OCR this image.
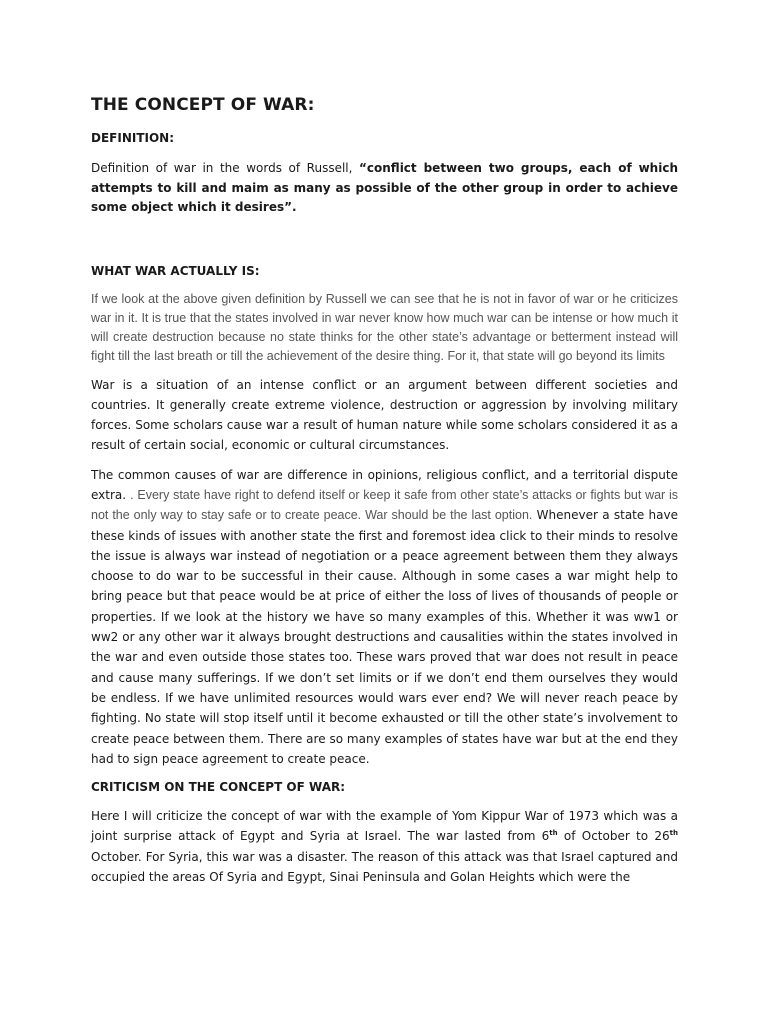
THE CONCEPT OF WAR:
DEFINITION:

Definition of war in the words of Russell, “conflict between two groups, each of which attempts to kill and maim as many as possible of the other group in order to achieve some object which it desires”.

WHAT WAR ACTUALLY IS:

If we look at the above given definition by Russell we can see that he is not in favor of war or he criticizes war in it. It is true that the states involved in war never know how much war can be intense or how much it will create destruction because no state thinks for the other state’s advantage or betterment instead will fight till the last breath or till the achievement of the desire thing. For it, that state will go beyond its limits

War is a situation of an intense conflict or an argument between different societies and countries. It generally create extreme violence, destruction or aggression by involving military forces. Some scholars cause war a result of human nature while some scholars considered it as a result of certain social, economic or cultural circumstances.

The common causes of war are difference in opinions, religious conflict, and a territorial dispute extra. . Every state have right to defend itself or keep it safe from other state’s attacks or fights but war is not the only way to stay safe or to create peace. War should be the last option. Whenever a state have these kinds of issues with another state the first and foremost idea click to their minds to resolve the issue is always war instead of negotiation or a peace agreement between them they always choose to do war to be successful in their cause. Although in some cases a war might help to bring peace but that peace would be at price of either the loss of lives of thousands of people or properties. If we look at the history we have so many examples of this. Whether it was ww1 or ww2 or any other war it always brought destructions and causalities within the states involved in the war and even outside those states too. These wars proved that war does not result in peace and cause many sufferings. If we don’t set limits or if we don’t end them ourselves they would be endless. If we have unlimited resources would wars ever end? We will never reach peace by fighting. No state will stop itself until it become exhausted or till the other state’s involvement to create peace between them. There are so many examples of states have war but at the end they had to sign peace agreement to create peace.

CRITICISM ON THE CONCEPT OF WAR:

Here I will criticize the concept of war with the example of Yom Kippur War of 1973 which was a joint surprise attack of Egypt and Syria at Israel. The war lasted from 6th of October to 26th October. For Syria, this war was a disaster. The reason of this attack was that Israel captured and occupied the areas Of Syria and Egypt, Sinai Peninsula and Golan Heights which were the
